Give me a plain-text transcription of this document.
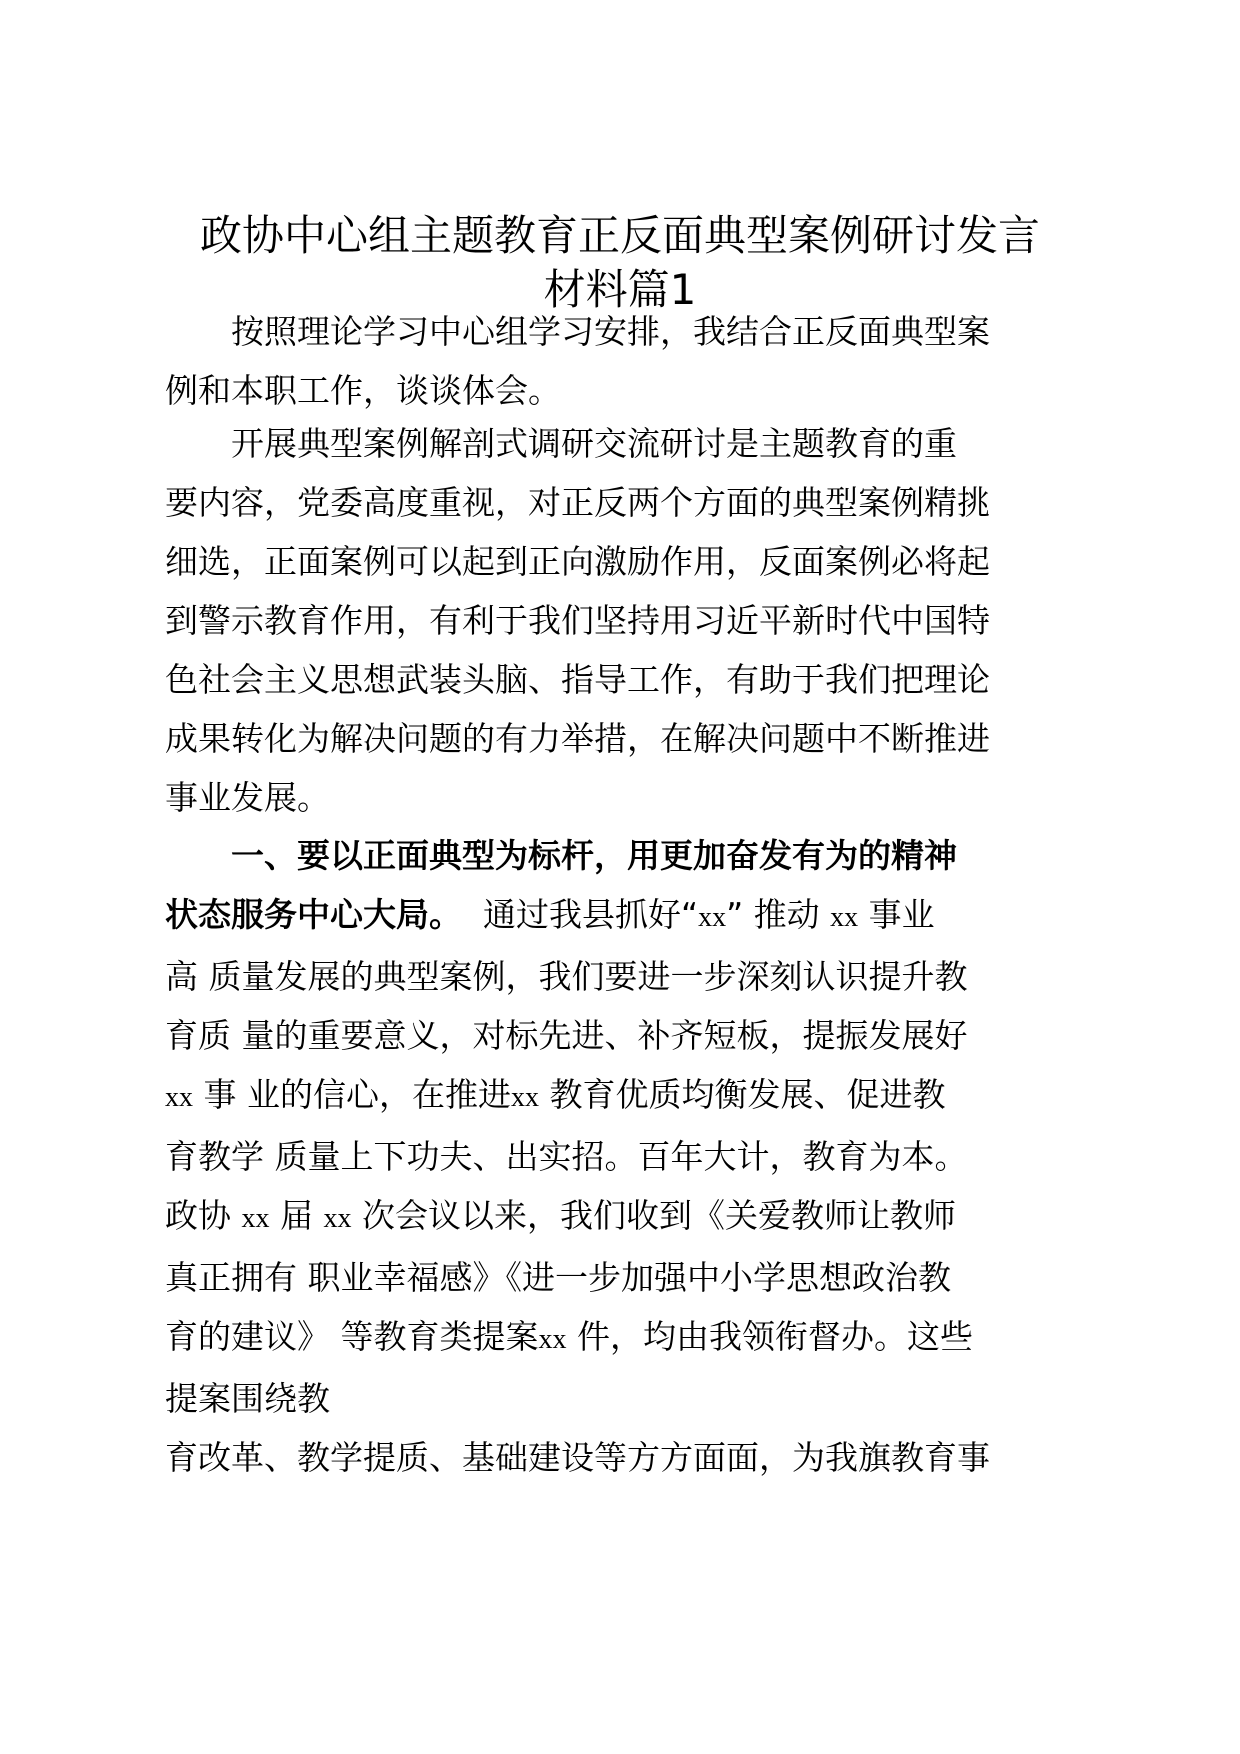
政协中心组主题教育正反面典型案例研讨发言
材料篇1
按照理论学习中心组学习安排，我结合正反面典型案
例和本职工作，谈谈体会。
开展典型案例解剖式调研交流研讨是主题教育的重
要内容，党委高度重视，对正反两个方面的典型案例精挑
细选，正面案例可以起到正向激励作用，反面案例必将起
到警示教育作用，有利于我们坚持用习近平新时代中国特
色社会主义思想武装头脑、指导工作，有助于我们把理论
成果转化为解决问题的有力举措，在解决问题中不断推进
事业发展。
一、要以正面典型为标杆，用更加奋发有为的精神
状态服务中心大局。 通过我县抓好“xx” 推动 xx 事业
高 质量发展的典型案例，我们要进一步深刻认识提升教
育质 量的重要意义，对标先进、补齐短板，提振发展好
xx 事 业的信心，在推进xx 教育优质均衡发展、促进教
育教学 质量上下功夫、出实招。百年大计，教育为本。
政协 xx 届 xx 次会议以来，我们收到《关爱教师让教师
真正拥有 职业幸福感》《进一步加强中小学思想政治教
育的建议》 等教育类提案xx 件，均由我领衔督办。这些
提案围绕教
育改革、教学提质、基础建设等方方面面，为我旗教育事
